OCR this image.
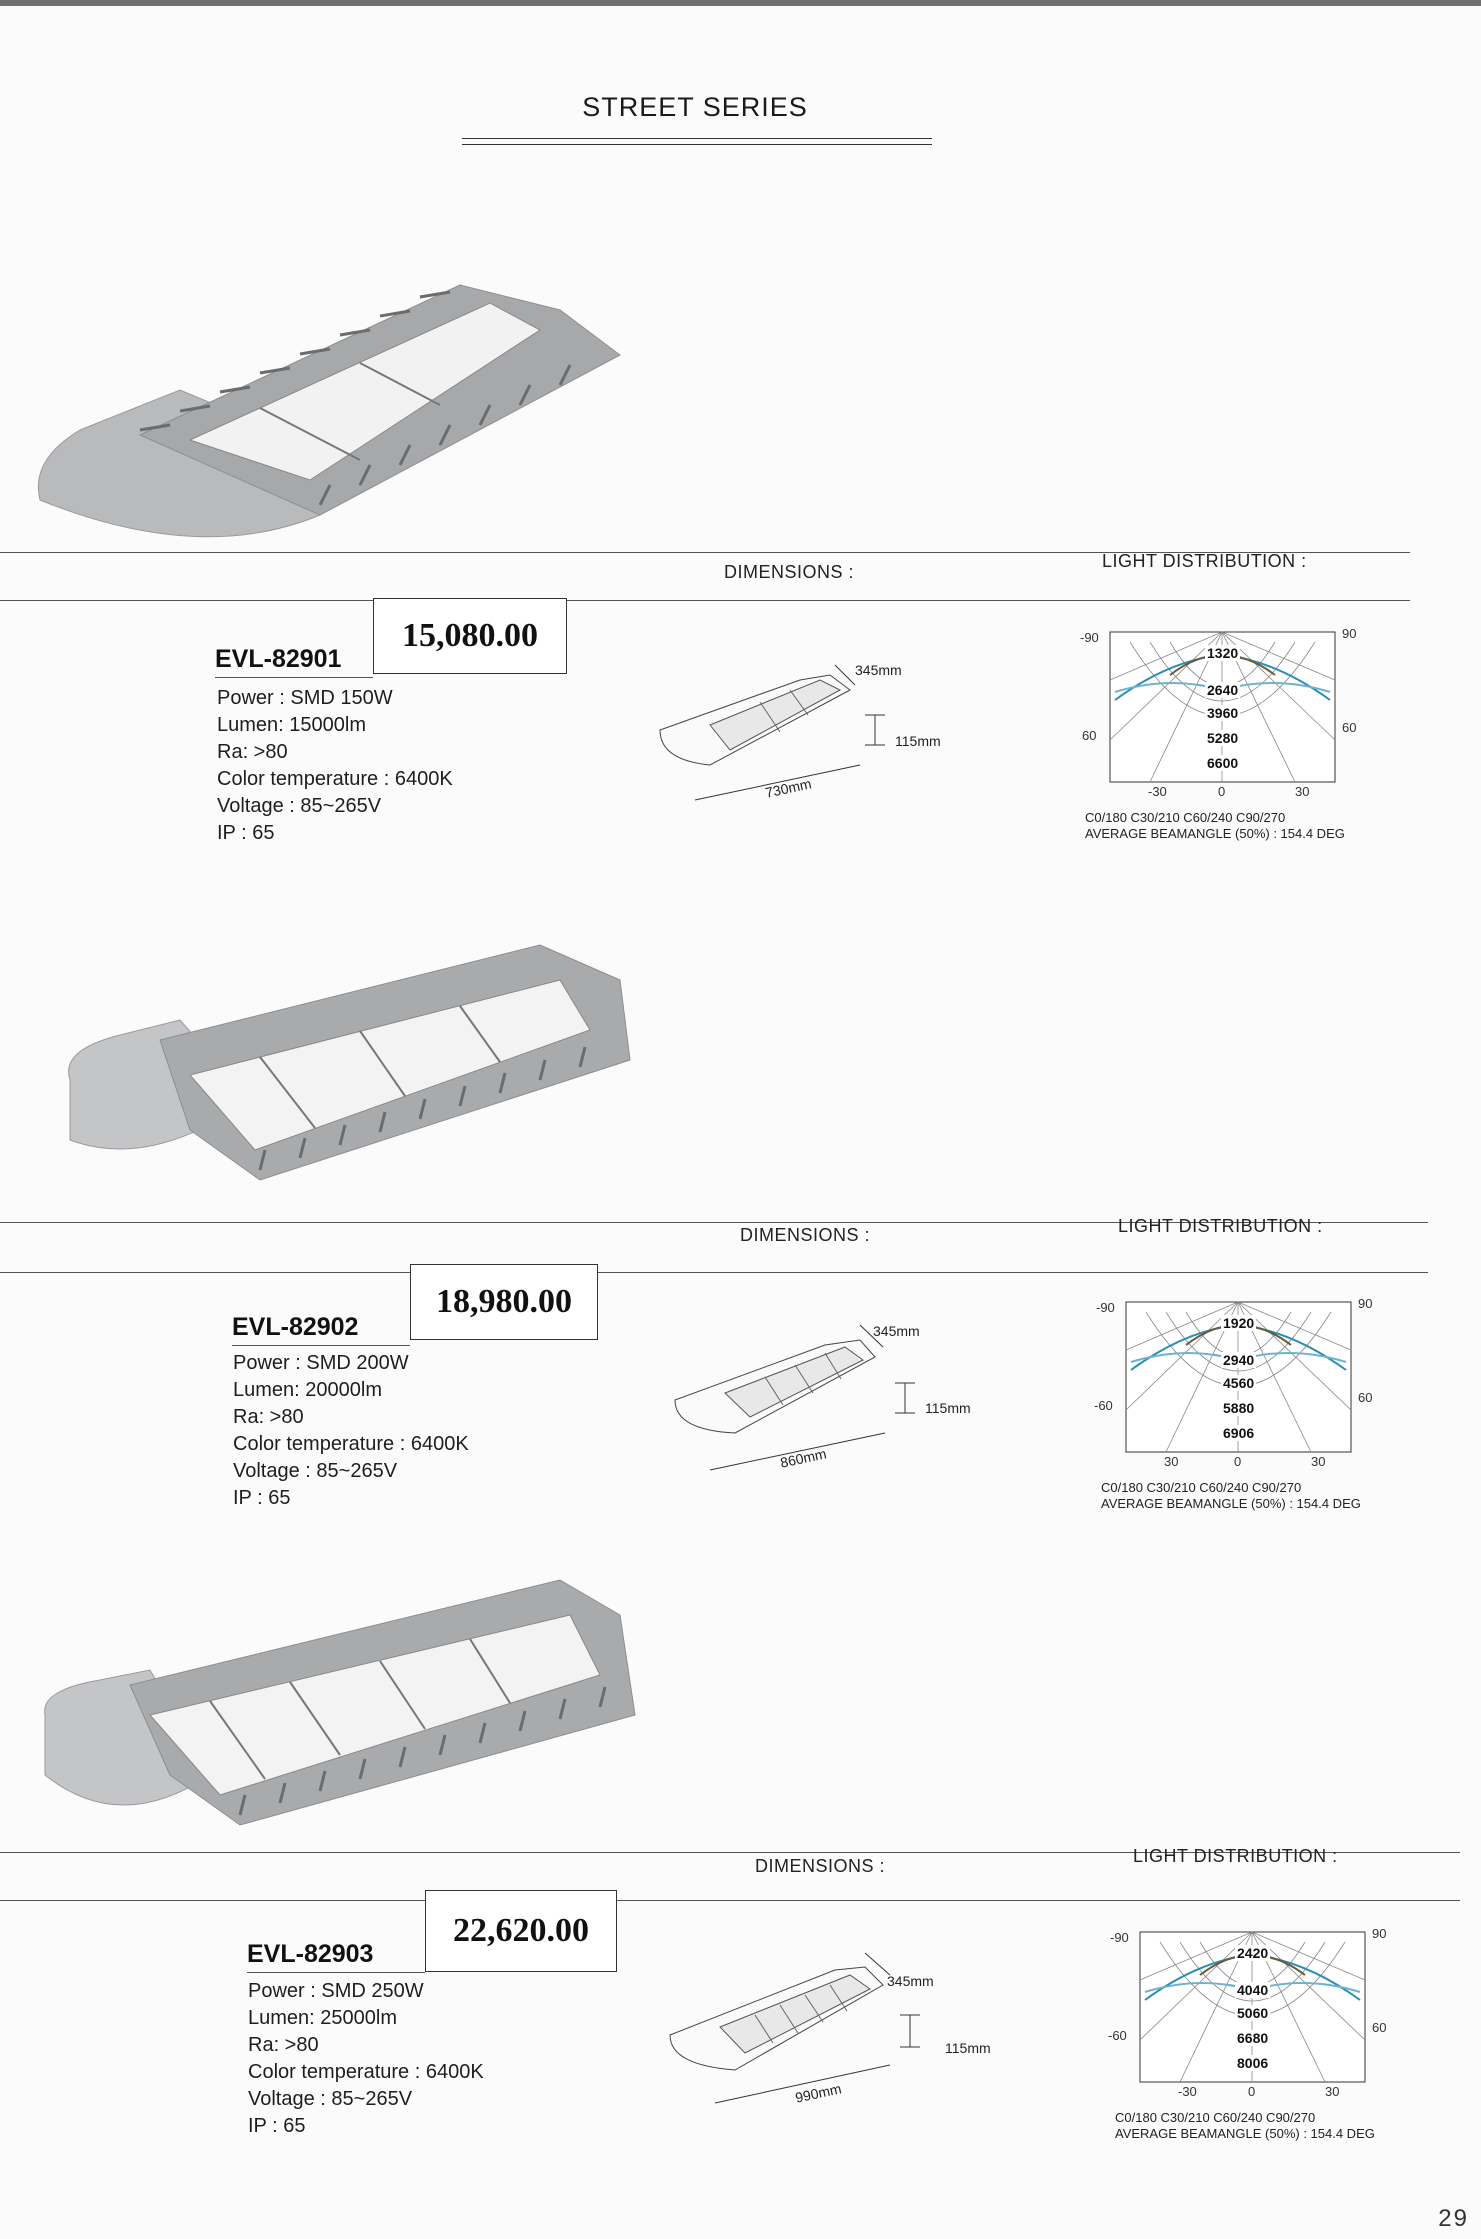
STREET SERIES
DIMENSIONS :
LIGHT DISTRIBUTION :
EVL-82901
15,080.00
Power : SMD 150W
Lumen: 15000lm
Ra: >80
Color temperature : 6400K
Voltage : 85~265V
IP : 65
345mm
115mm
730mm
-90	90
60
60
-30	0	30
1320
2640
3960
5280
6600
C0/180 C30/210 C60/240 C90/270
AVERAGE BEAMANGLE (50%) : 154.4 DEG
DIMENSIONS :	LIGHT DISTRIBUTION :
EVL-82902
18,980.00
Power : SMD 200W
Lumen: 20000lm
Ra: >80
Color temperature : 6400K
Voltage : 85~265V
IP : 65
345mm
115mm
860mm
-90	90
-60
60
30	0	30
1920
2940
4560
5880
6906
C0/180 C30/210 C60/240 C90/270
AVERAGE BEAMANGLE (50%) : 154.4 DEG
DIMENSIONS :	LIGHT DISTRIBUTION :
EVL-82903
22,620.00
Power : SMD 250W
Lumen: 25000lm
Ra: >80
Color temperature : 6400K
Voltage : 85~265V
IP : 65
345mm
115mm
990mm
-90	90
-60
60
-30	0	30
2420
4040
5060
6680
8006
C0/180 C30/210 C60/240 C90/270
AVERAGE BEAMANGLE (50%) : 154.4 DEG
29
